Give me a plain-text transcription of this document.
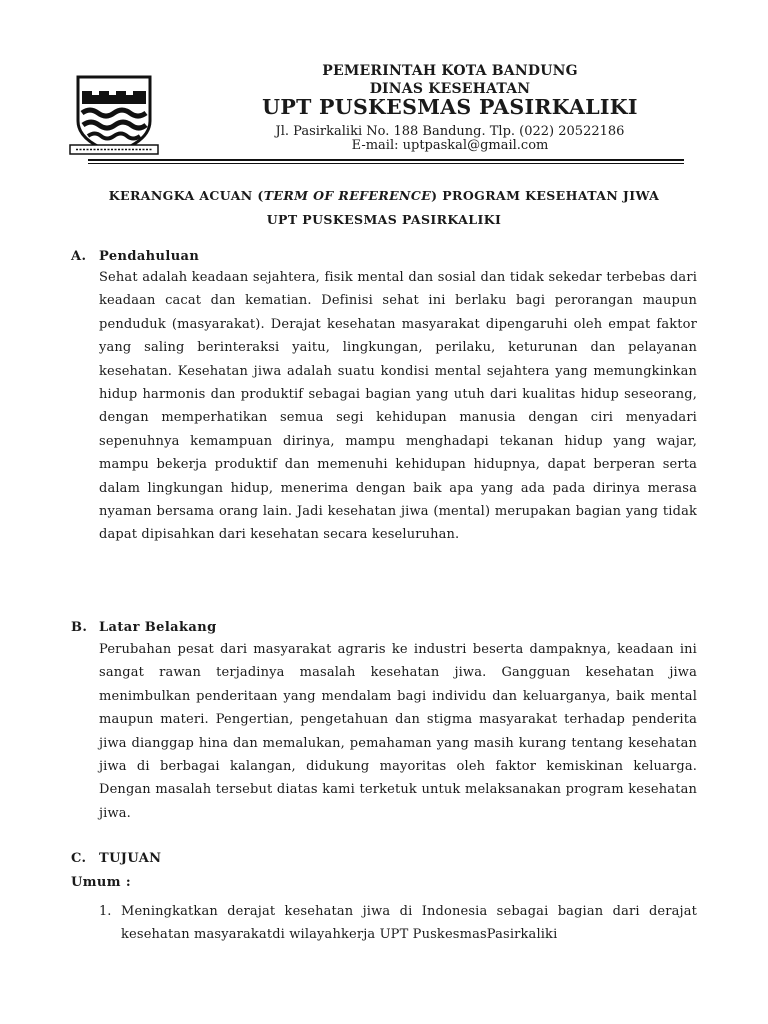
PEMERINTAH KOTA BANDUNG
DINAS KESEHATAN
UPT PUSKESMAS PASIRKALIKI
Jl. Pasirkaliki No. 188 Bandung. Tlp. (022) 20522186
E-mail: uptpaskal@gmail.com
KERANGKA ACUAN (TERM OF REFERENCE) PROGRAM KESEHATAN JIWA
UPT PUSKESMAS PASIRKALIKI
A. Pendahuluan

Sehat adalah keadaan sejahtera, fisik mental dan sosial dan tidak sekedar terbebas dari keadaan cacat dan kematian. Definisi sehat ini berlaku bagi perorangan maupun penduduk (masyarakat). Derajat kesehatan masyarakat dipengaruhi oleh empat faktor yang saling berinteraksi yaitu, lingkungan, perilaku, keturunan dan pelayanan kesehatan. Kesehatan jiwa adalah suatu kondisi mental sejahtera yang memungkinkan hidup harmonis dan produktif sebagai bagian yang utuh dari kualitas hidup seseorang, dengan memperhatikan semua segi kehidupan manusia dengan ciri menyadari sepenuhnya kemampuan dirinya, mampu menghadapi tekanan hidup yang wajar, mampu bekerja produktif dan memenuhi kehidupan hidupnya, dapat berperan serta dalam lingkungan hidup, menerima dengan baik apa yang ada pada dirinya merasa nyaman bersama orang lain. Jadi kesehatan jiwa (mental) merupakan bagian yang tidak dapat dipisahkan dari kesehatan secara keseluruhan.

B. Latar Belakang

Perubahan pesat dari masyarakat agraris ke industri beserta dampaknya, keadaan ini sangat rawan terjadinya masalah kesehatan jiwa. Gangguan kesehatan jiwa menimbulkan penderitaan yang mendalam bagi individu dan keluarganya, baik mental maupun materi. Pengertian, pengetahuan dan stigma masyarakat terhadap penderita jiwa dianggap hina dan memalukan, pemahaman yang masih kurang tentang kesehatan jiwa di berbagai kalangan, didukung mayoritas oleh faktor kemiskinan keluarga. Dengan masalah tersebut diatas kami terketuk untuk melaksanakan program kesehatan jiwa.

C. TUJUAN
Umum :
1. Meningkatkan derajat kesehatan jiwa di Indonesia sebagai bagian dari derajat kesehatan masyarakatdi wilayahkerja UPT PuskesmasPasirkaliki
